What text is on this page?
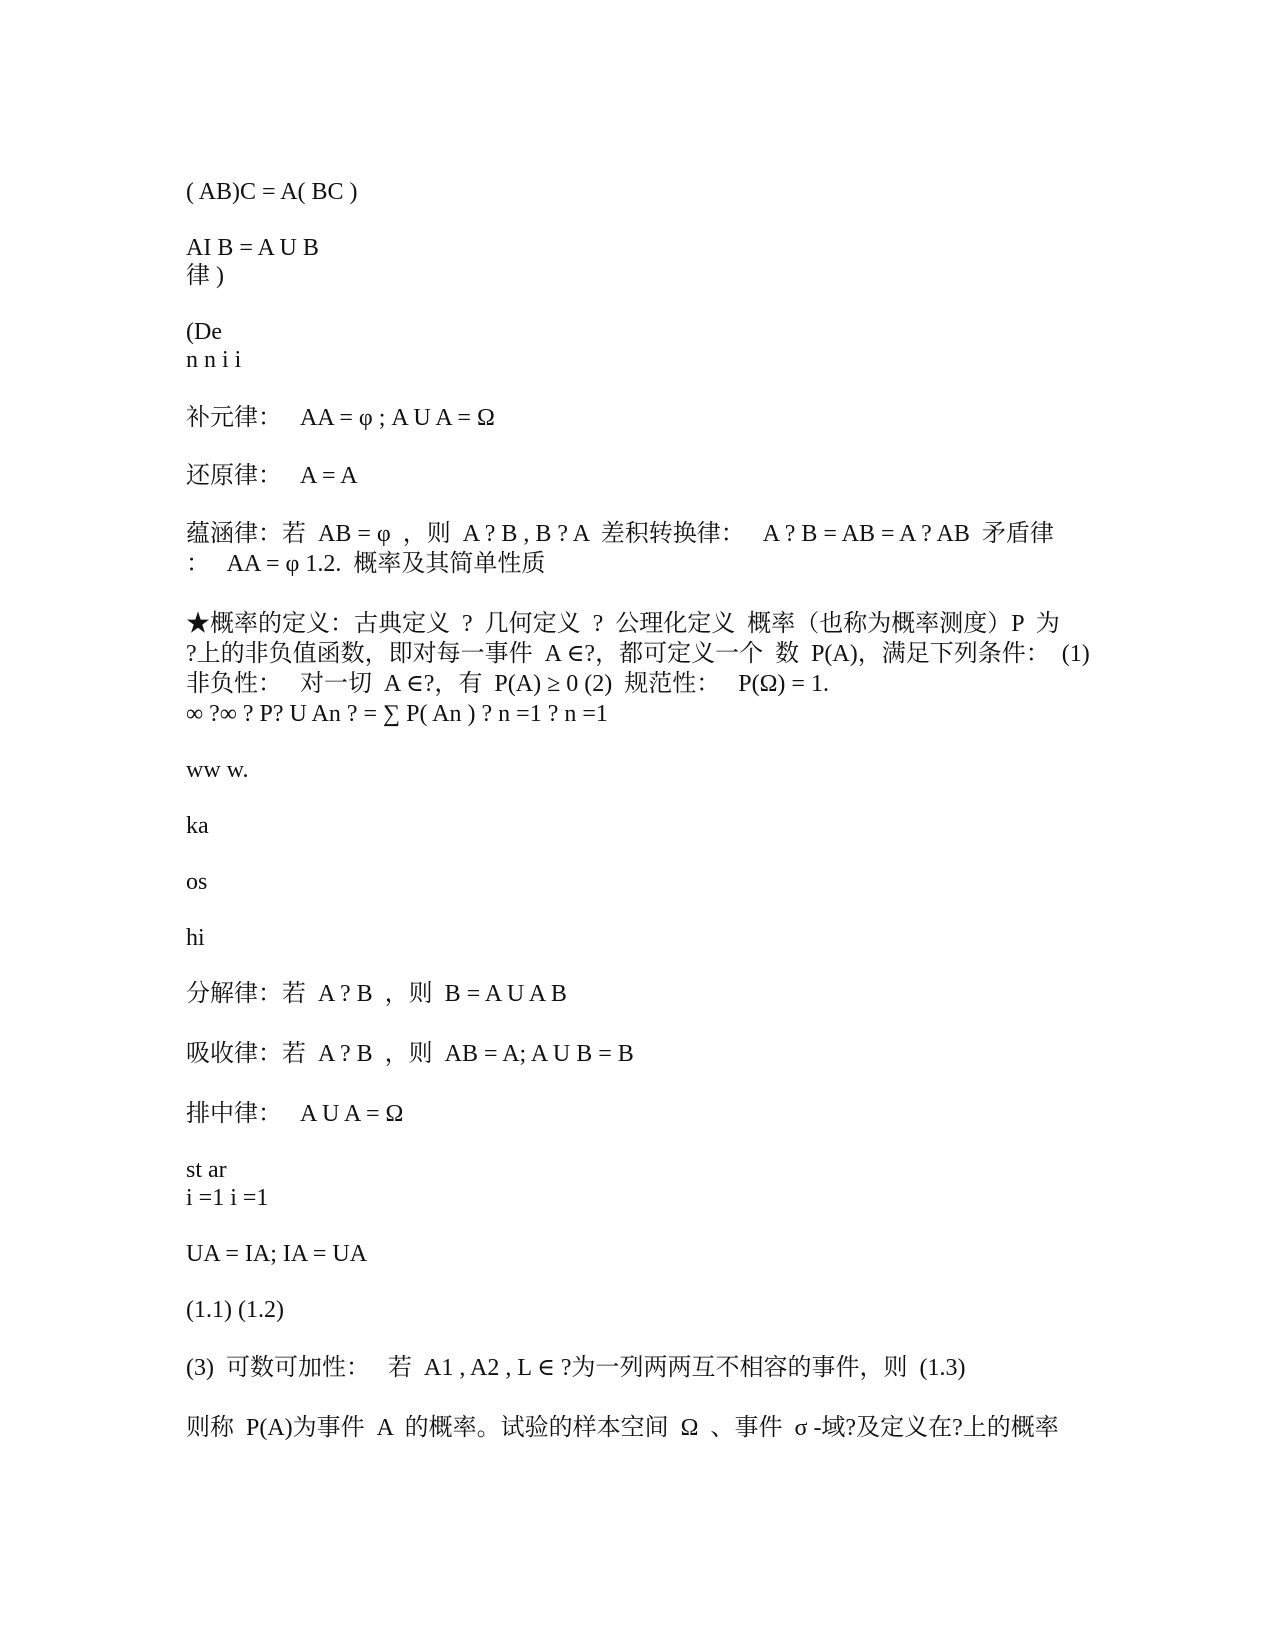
( AB)C = A( BC )
AI B = A U B
律 )
(De
n n i i
补元律：   AA = φ ; A U A = Ω
还原律：   A = A
蕴涵律：若  AB = φ  ，则  A ? B , B ? A  差积转换律：   A ? B = AB = A ? AB  矛盾律
：   AA = φ 1.2.  概率及其简单性质
★概率的定义：古典定义  ?  几何定义  ?  公理化定义  概率（也称为概率测度）P  为
?上的非负值函数，即对每一事件  A ∈?，都可定义一个  数  P(A)，满足下列条件：  (1)
非负性：   对一切  A ∈?，有  P(A) ≥ 0 (2)  规范性：   P(Ω) = 1.
∞ ?∞ ? P? U An ? = ∑ P( An ) ? n =1 ? n =1
ww w.
ka
os
hi
分解律：若  A ? B  ，则  B = A U A B
吸收律：若  A ? B  ，则  AB = A; A U B = B
排中律：   A U A = Ω
st ar
i =1 i =1
UA = IA; IA = UA
(1.1) (1.2)
(3)  可数可加性：   若  A1 , A2 , L ∈ ?为一列两两互不相容的事件，则  (1.3)
则称  P(A)为事件  A  的概率。试验的样本空间  Ω  、事件  σ -域?及定义在?上的概率
